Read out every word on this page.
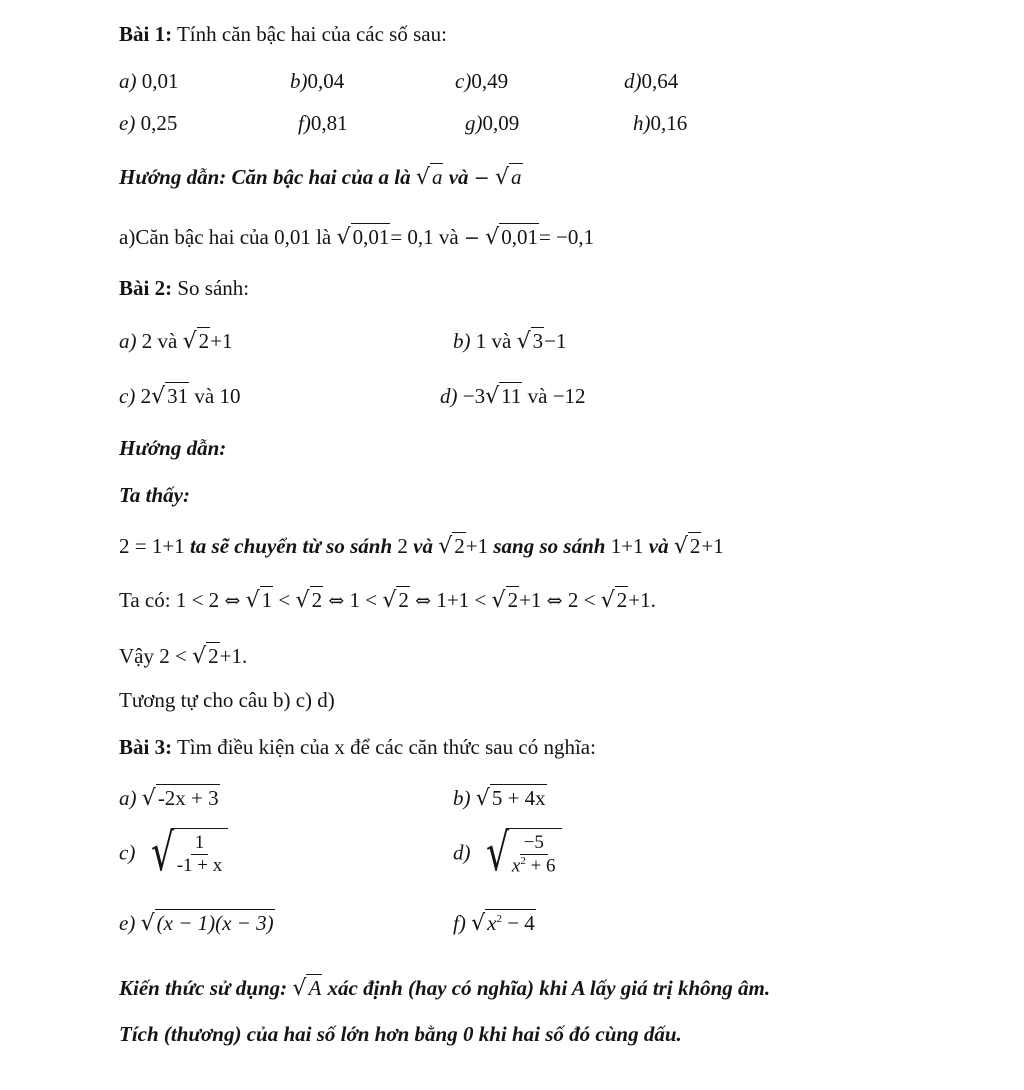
Bài 1: Tính căn bậc hai của các số sau:
a) 0,01	b)0,04	c)0,49	d)0,64
e) 0,25	f)0,81	g)0,09	h)0,16
Hướng dẫn: Căn bậc hai của a là √a và − √a
a)Căn bậc hai của 0,01 là √0,01= 0,1 và − √0,01= −0,1
Bài 2: So sánh:
a) 2 và √2+1	b) 1 và √3−1
c) 2√31 và 10	d) −3√11 và −12
Hướng dẫn:
Ta thấy:
2 = 1+1 ta sẽ chuyển từ so sánh 2 và √2+1 sang so sánh 1+1 và √2+1
Ta có: 1 < 2 ⇔ √1 < √2 ⇔ 1 < √2 ⇔ 1+1 < √2+1 ⇔ 2 < √2+1.
Vậy 2 < √2+1.
Tương tự cho câu b) c) d)
Bài 3: Tìm điều kiện của x để các căn thức sau có nghĩa:
a) √-2x + 3	b) √5 + 4x
c) √ $\frac{1}{-1 + x}$	d) √ $\frac{-5}{x^2 + 6}$
e) √(x − 1)(x − 3)	f) $√x^2 - 4$
Kiến thức sử dụng: √A xác định (hay có nghĩa) khi A lấy giá trị không âm.
Tích (thương) của hai số lớn hơn bằng 0 khi hai số đó cùng dấu.
